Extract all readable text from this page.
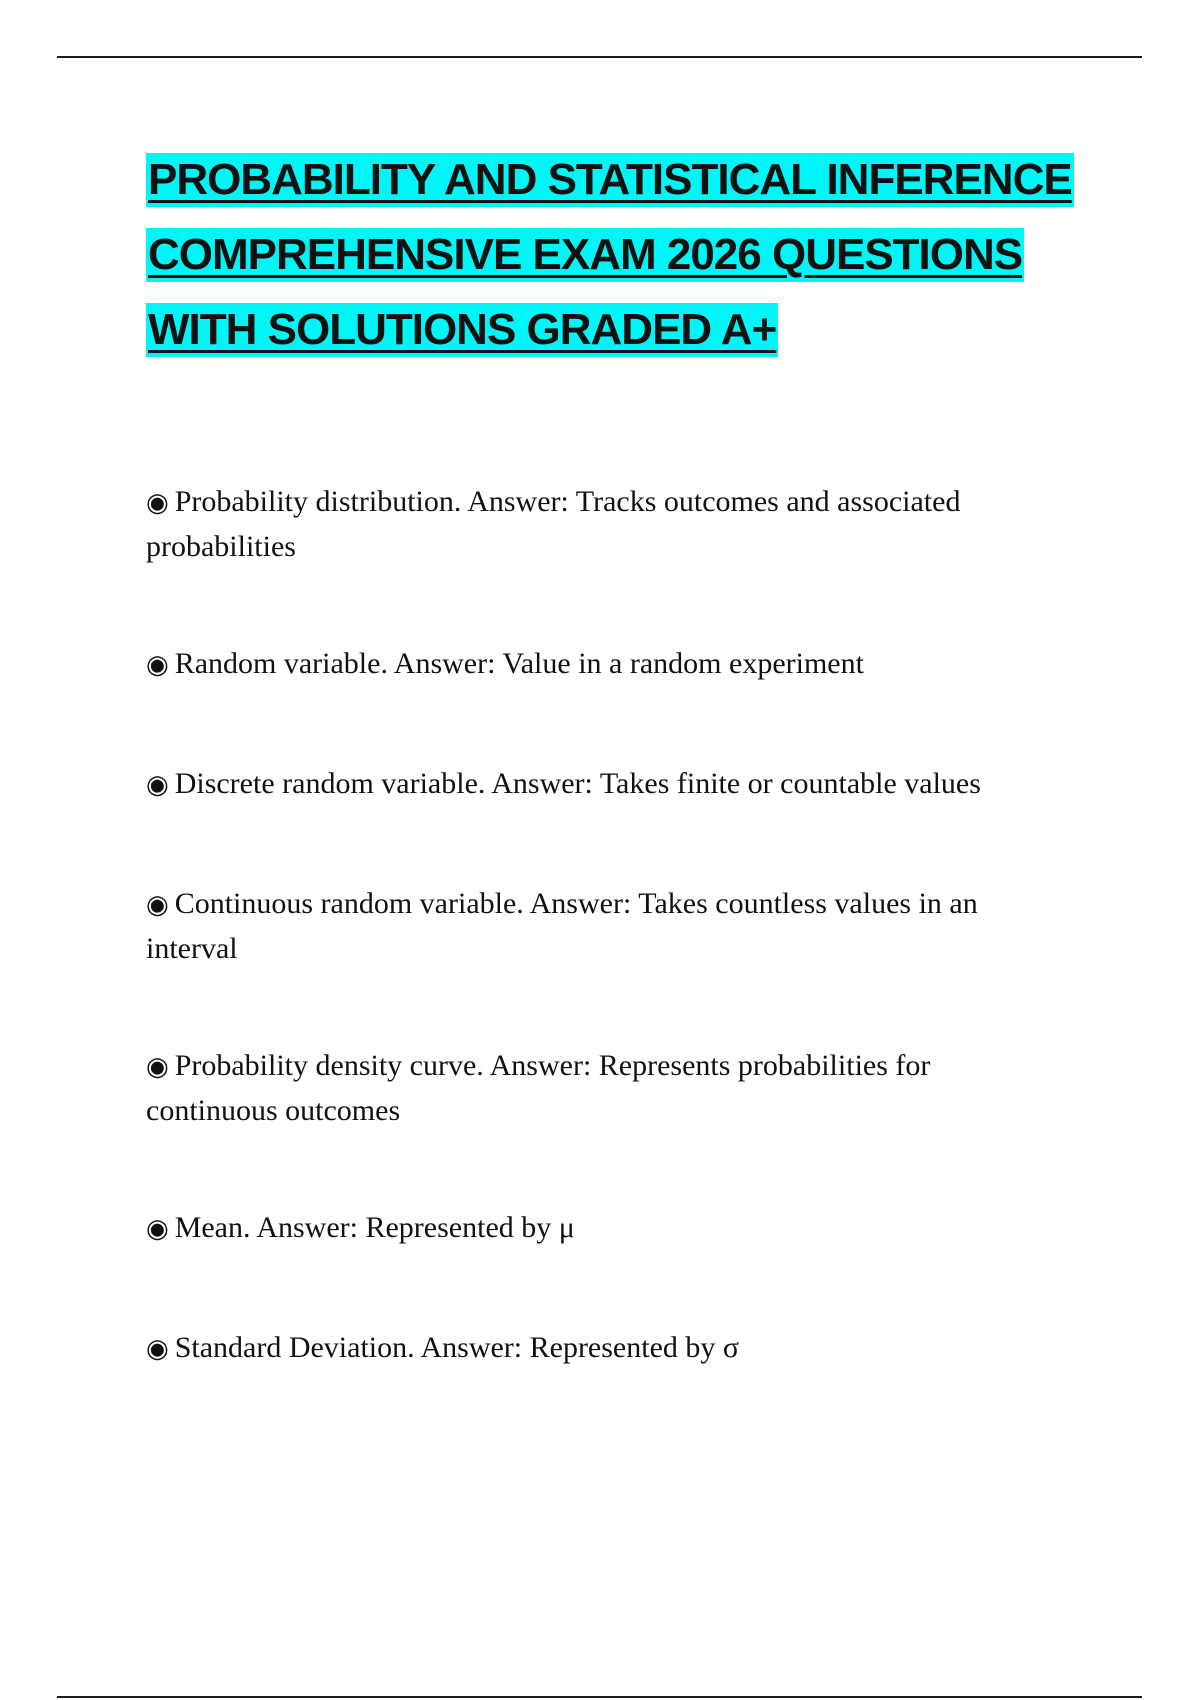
PROBABILITY AND STATISTICAL INFERENCE
COMPREHENSIVE EXAM 2026 QUESTIONS
WITH SOLUTIONS GRADED A+
◉ Probability distribution. Answer: Tracks outcomes and associated probabilities
◉ Random variable. Answer: Value in a random experiment
◉ Discrete random variable. Answer: Takes finite or countable values
◉ Continuous random variable. Answer: Takes countless values in an interval
◉ Probability density curve. Answer: Represents probabilities for continuous outcomes
◉ Mean. Answer: Represented by μ
◉ Standard Deviation. Answer: Represented by σ
